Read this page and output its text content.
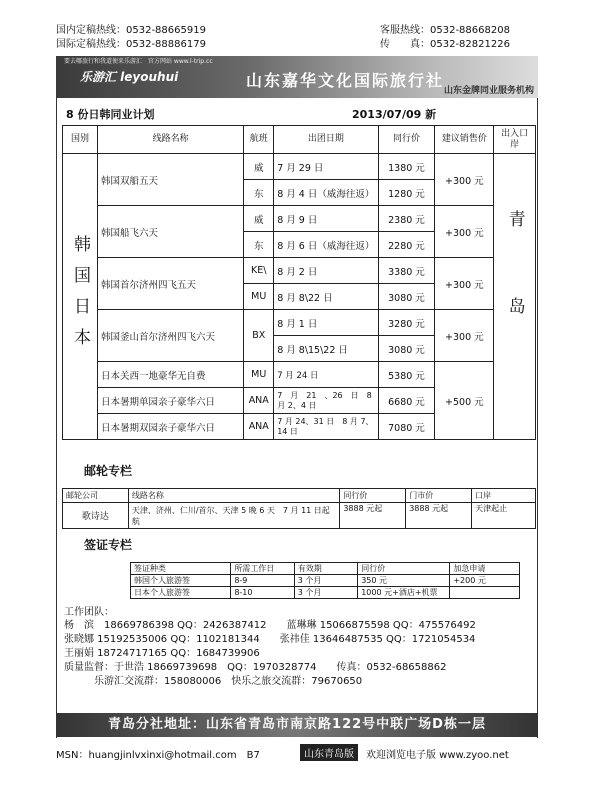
国内定稿热线：0532-88665919
国际定稿热线：0532-88886179
客服热线：0532-88668208
传　　真：0532-82821226
要去哪旅行和我道便来乐游汇　官方网站 www.l-trip.cc
乐游汇 leyouhui	山东嘉华文化国际旅行社
山东金牌同业服务机构
8 份日韩同业计划	2013/07/09 新
国别	线路名称	航班	出团日期	同行价	建议销售价	出入口岸
韩国日本	韩国双船五天	威	7 月 29 日	1380 元	+300 元	青岛
		东	8 月 4 日（威海往返）	1280 元		
	韩国船飞六天	威	8 月 9 日	2380 元	+300 元	
		东	8 月 6 日（威海往返）	2280 元		
	韩国首尔济州四飞五天	KE\	8 月 2 日	3380 元	+300 元	
		MU	8 月 8\22 日	3080 元		
	韩国釜山首尔济州四飞六天	BX	8 月 1 日	3280 元	+300 元	
			8 月 8\15\22 日	3080 元		
	日本关西一地豪华无自费	MU	7 月 24 日	5380 元	+500 元	
	日本暑期单园亲子豪华六日	ANA	7　月　21　、26　日　8 月 2、4 日	6680 元		
	日本暑期双园亲子豪华六日	ANA	7 月 24、31 日　8 月 7、14 日	7080 元		
邮轮专栏
邮轮公司	线路名称	同行价	门市价	口岸
歌诗达	天津、济州、仁川/首尔、天津 5 晚 6 天　7 月 11 日起航	3888 元起	3888 元起	天津起止
签证专栏
签证种类	所需工作日	有效期	同行价	加急申请
韩国个人旅游签	8-9	3 个月	350 元	+200 元
日本个人旅游签	8-10	3 个月	1000 元+酒店+机票	
工作团队：
杨　滨　18669786398 QQ：2426387412　　蓝琳琳 15066875598 QQ：475576492
张晓娜 15192535006 QQ：1102181344　　张祎佳 13646487535 QQ：1721054534
王丽娟 18724717165 QQ：1684739906
质量监督：于世浩 18669739698　QQ：1970328774　　传真：0532-68658862
　　　乐游汇交流群：158080006　快乐之旅交流群：79670650
青岛分社地址：山东省青岛市南京路122号中联广场D栋一层
MSN：huangjinlvxinxi@hotmail.com　B7	山东青岛版	欢迎浏览电子版 www.zyoo.net
